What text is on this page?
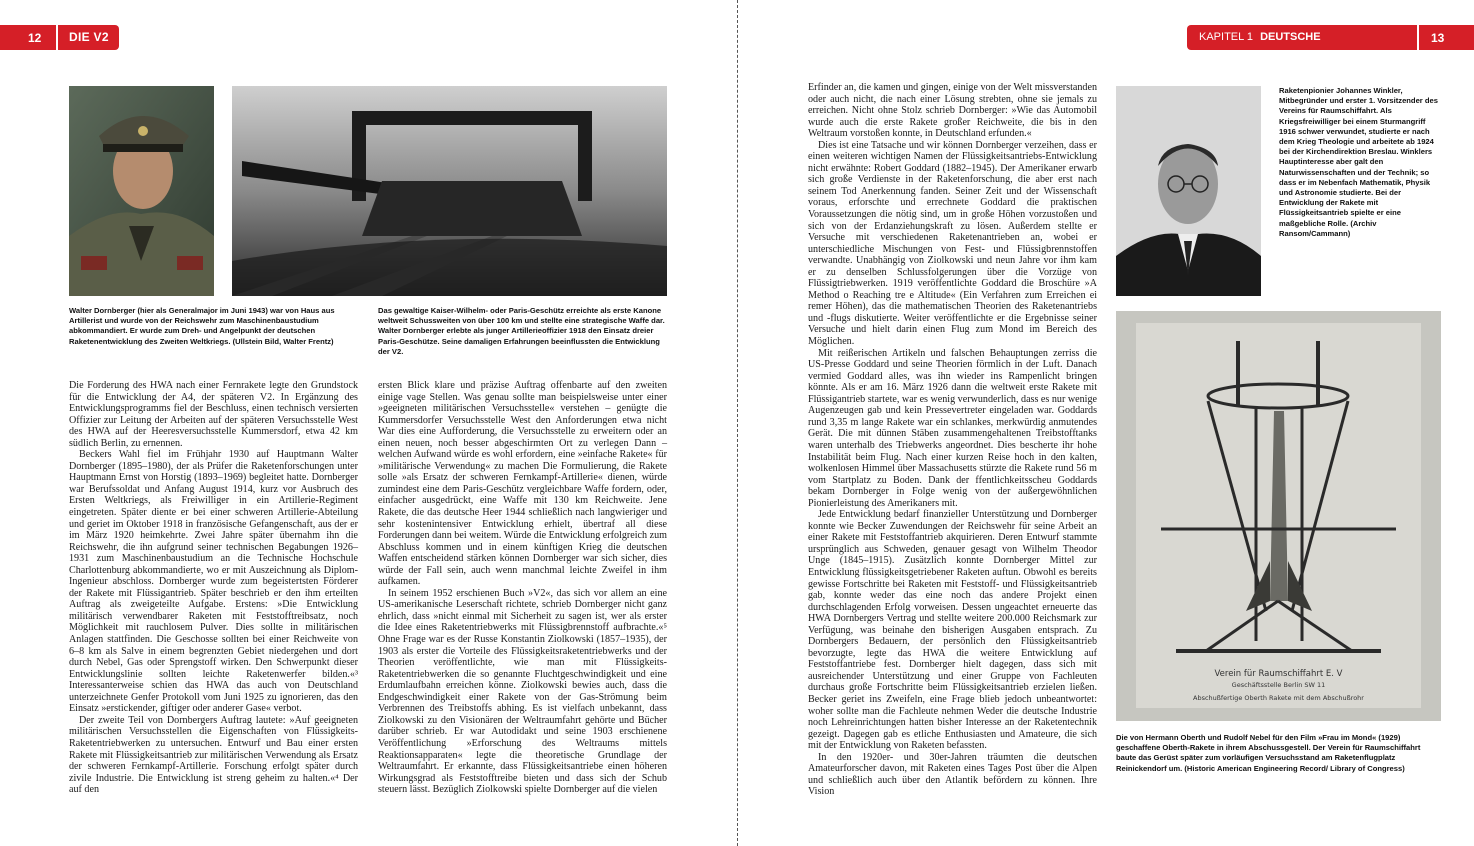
12	DIE V2	KAPITEL 1 DEUTSCHE RAKETENPIONIERE
13
Walter Dornberger (hier als Generalmajor im Juni 1943) war von Haus aus Artillerist und wurde von der Reichswehr zum Maschinenbaustudium abkommandiert. Er wurde zum Dreh- und Angelpunkt der deutschen Raketenentwicklung des Zweiten Weltkriegs. (Ullstein Bild, Walter Frentz)
Das gewaltige Kaiser-Wilhelm- oder Paris-Geschütz erreichte als erste Kanone weltweit Schussweiten von über 100 km und stellte eine strategische Waffe dar. Walter Dornberger erlebte als junger Artillerieoffizier 1918 den Einsatz dreier Paris-Geschütze. Seine damaligen Erfahrungen beeinflussten die Entwicklung der V2.

Die Forderung des HWA nach einer Fernrakete legte den Grundstock für die Entwicklung der A4, der späteren V2. In Ergänzung des Entwicklungsprogramms fiel der Beschluss, einen technisch versierten Offizier zur Leitung der Arbeiten auf der späteren Versuchsstelle West des HWA auf der Heeresversuchsstelle Kummersdorf, etwa 42 km südlich Berlin, zu ernennen.

Beckers Wahl fiel im Frühjahr 1930 auf Hauptmann Walter Dornberger (1895–1980), der als Prüfer die Raketenforschungen unter Hauptmann Ernst von Horstig (1893–1969) begleitet hatte. Dornberger war Berufssoldat und Anfang August 1914, kurz vor Ausbruch des Ersten Weltkriegs, als Freiwilliger in ein Artillerie-Regiment eingetreten. Später diente er bei einer schweren Artillerie-Abteilung und geriet im Oktober 1918 in französische Gefangenschaft, aus der er im März 1920 heimkehrte. Zwei Jahre später übernahm ihn die Reichswehr, die ihn aufgrund seiner technischen Begabungen 1926–1931 zum Maschinenbaustudium an die Technische Hochschule Charlottenburg abkommandierte, wo er mit Auszeichnung als Diplom-Ingenieur abschloss. Dornberger wurde zum begeistertsten Förderer der Rakete mit Flüssigantrieb. Später beschrieb er den ihm erteilten Auftrag als zweigeteilte Aufgabe. Erstens: »Die Entwicklung militärisch verwendbarer Raketen mit Feststofftreibsatz, noch Möglichkeit mit rauchlosem Pulver. Dies sollte in militärischen Anlagen stattfinden. Die Geschosse sollten bei einer Reichweite von 6–8 km als Salve in einem begrenzten Gebiet niedergehen und dort durch Nebel, Gas oder Sprengstoff wirken. Den Schwerpunkt dieser Entwicklungslinie sollten leichte Raketenwerfer bilden.«³ Interessanterweise schien das HWA das auch von Deutschland unterzeichnete Genfer Protokoll vom Juni 1925 zu ignorieren, das den Einsatz »erstickender, giftiger oder anderer Gase« verbot.

Der zweite Teil von Dornbergers Auftrag lautete: »Auf geeigneten militärischen Versuchsstellen die Eigenschaften von Flüssigkeits-Raketentriebwerken zu untersuchen. Entwurf und Bau einer ersten Rakete mit Flüssigkeitsantrieb zur militärischen Verwendung als Ersatz der schweren Fernkampf-Artillerie. Forschung erfolgt später durch zivile Industrie. Die Entwicklung ist streng geheim zu halten.«⁴ Der auf den

ersten Blick klare und präzise Auftrag offenbarte auf den zweiten einige vage Stellen. Was genau sollte man beispielsweise unter einer »geeigneten militärischen Versuchsstelle« verstehen – genügte die Kummersdorfer Versuchsstelle West den Anforderungen etwa nicht War dies eine Aufforderung, die Versuchsstelle zu erweitern oder an einen neuen, noch besser abgeschirmten Ort zu verlegen Dann – welchen Aufwand würde es wohl erfordern, eine »einfache Rakete« für »militärische Verwendung« zu machen Die Formulierung, die Rakete solle »als Ersatz der schweren Fernkampf-Artillerie« dienen, würde zumindest eine dem Paris-Geschütz vergleichbare Waffe fordern, oder, einfacher ausgedrückt, eine Waffe mit 130 km Reichweite. Jene Rakete, die das deutsche Heer 1944 schließlich nach langwieriger und sehr kostenintensiver Entwicklung erhielt, übertraf all diese Forderungen dann bei weitem. Würde die Entwicklung erfolgreich zum Abschluss kommen und in einem künftigen Krieg die deutschen Waffen entscheidend stärken können Dornberger war sich sicher, dies würde der Fall sein, auch wenn manchmal leichte Zweifel in ihm aufkamen.

In seinem 1952 erschienen Buch »V2«, das sich vor allem an eine US-amerikanische Leserschaft richtete, schrieb Dornberger nicht ganz ehrlich, dass »nicht einmal mit Sicherheit zu sagen ist, wer als erster die Idee eines Raketentriebwerks mit Flüssigbrennstoff aufbrachte.«⁵ Ohne Frage war es der Russe Konstantin Ziolkowski (1857–1935), der 1903 als erster die Vorteile des Flüssigkeitsraketentriebwerks und der Theorien veröffentlichte, wie man mit Flüssigkeits-Raketentriebwerken die so genannte Fluchtgeschwindigkeit und eine Erdumlaufbahn erreichen könne. Ziolkowski bewies auch, dass die Endgeschwindigkeit einer Rakete von der Gas-Strömung beim Verbrennen des Treibstoffs abhing. Es ist vielfach unbekannt, dass Ziolkowski zu den Visionären der Weltraumfahrt gehörte und Bücher darüber schrieb. Er war Autodidakt und seine 1903 erschienene Veröffentlichung »Erforschung des Weltraums mittels Reaktionsapparaten« legte die theoretische Grundlage der Weltraumfahrt. Er erkannte, dass Flüssigkeitsantriebe einen höheren Wirkungsgrad als Feststofftreibe bieten und dass sich der Schub steuern lässt. Bezüglich Ziolkowski spielte Dornberger auf die vielen

Erfinder an, die kamen und gingen, einige von der Welt missverstanden oder auch nicht, die nach einer Lösung strebten, ohne sie jemals zu erreichen. Nicht ohne Stolz schrieb Dornberger: »Wie das Automobil wurde auch die erste Rakete großer Reichweite, die bis in den Weltraum vorstoßen konnte, in Deutschland erfunden.«

Dies ist eine Tatsache und wir können Dornberger verzeihen, dass er einen weiteren wichtigen Namen der Flüssigkeitsantriebs-Entwicklung nicht erwähnte: Robert Goddard (1882–1945). Der Amerikaner erwarb sich große Verdienste in der Raketenforschung, die aber erst nach seinem Tod Anerkennung fanden. Seiner Zeit und der Wissenschaft voraus, erforschte und errechnete Goddard die praktischen Voraussetzungen die nötig sind, um in große Höhen vorzustoßen und sich von der Erdanziehungskraft zu lösen. Außerdem stellte er Versuche mit verschiedenen Raketenantrieben an, wobei er unterschiedliche Mischungen von Fest- und Flüssigbrennstoffen verwandte. Unabhängig von Ziolkowski und neun Jahre vor ihm kam er zu denselben Schlussfolgerungen über die Vorzüge von Flüssigtriebwerken. 1919 veröffentlichte Goddard die Broschüre »A Method o Reaching tre e Altitude« (Ein Verfahren zum Erreichen ei remer Höhen), das die mathematischen Theorien des Raketenantriebs und -flugs diskutierte. Weiter veröffentlichte er die Ergebnisse seiner Versuche und hielt darin einen Flug zum Mond im Bereich des Möglichen.

Mit reißerischen Artikeln und falschen Behauptungen zerriss die US-Presse Goddard und seine Theorien förmlich in der Luft. Danach vermied Goddard alles, was ihn wieder ins Rampenlicht bringen könnte. Als er am 16. März 1926 dann die weltweit erste Rakete mit Flüssigantrieb startete, war es wenig verwunderlich, dass es nur wenige Augenzeugen gab und kein Pressevertreter eingeladen war. Goddards rund 3,35 m lange Rakete war ein schlankes, merkwürdig anmutendes Gerät. Die mit dünnen Stäben zusammengehaltenen Treibstofftanks waren unterhalb des Triebwerks angeordnet. Dies bescherte ihr hohe Instabilität beim Flug. Nach einer kurzen Reise hoch in den kalten, wolkenlosen Himmel über Massachusetts stürzte die Rakete rund 56 m vom Startplatz zu Boden. Dank der ffentlichkeitsscheu Goddards bekam Dornberger in Folge wenig von der außergewöhnlichen Pionierleistung des Amerikaners mit.

Jede Entwicklung bedarf finanzieller Unterstützung und Dornberger konnte wie Becker Zuwendungen der Reichswehr für seine Arbeit an einer Rakete mit Feststoffantrieb akquirieren. Deren Entwurf stammte ursprünglich aus Schweden, genauer gesagt von Wilhelm Theodor Unge (1845–1915). Zusätzlich konnte Dornberger Mittel zur Entwicklung flüssigkeitsgetriebener Raketen auftun. Obwohl es bereits gewisse Fortschritte bei Raketen mit Feststoff- und Flüssigkeitsantrieb gab, konnte weder das eine noch das andere Projekt einen durchschlagenden Erfolg vorweisen. Dessen ungeachtet erneuerte das HWA Dornbergers Vertrag und stellte weitere 200.000 Reichsmark zur Verfügung, was beinahe den bisherigen Ausgaben entsprach. Zu Dornbergers Bedauern, der persönlich den Flüssigkeitsantrieb bevorzugte, legte das HWA die weitere Entwicklung auf Feststoffantriebe fest. Dornberger hielt dagegen, dass sich mit ausreichender Unterstützung und einer Gruppe von Fachleuten durchaus große Fortschritte beim Flüssigkeitsantrieb erzielen ließen. Becker geriet ins Zweifeln, eine Frage blieb jedoch unbeantwortet: woher sollte man die Fachleute nehmen Weder die deutsche Industrie noch Lehreinrichtungen hatten bisher Interesse an der Raketentechnik gezeigt. Dagegen gab es etliche Enthusiasten und Amateure, die sich mit der Entwicklung von Raketen befassten.

In den 1920er- und 30er-Jahren träumten die deutschen Amateurforscher davon, mit Raketen eines Tages Post über die Alpen und schließlich auch über den Atlantik befördern zu können. Ihre Vision

Raketenpionier Johannes Winkler, Mitbegründer und erster 1. Vorsitzender des Vereins für Raumschiffahrt. Als Kriegsfreiwilliger bei einem Sturmangriff 1916 schwer verwundet, studierte er nach dem Krieg Theologie und arbeitete ab 1924 bei der Kirchendirektion Breslau. Winklers Hauptinteresse aber galt den Naturwissenschaften und der Technik; so dass er im Nebenfach Mathematik, Physik und Astronomie studierte. Bei der Entwicklung der Rakete mit Flüssigkeitsantrieb spielte er eine maßgebliche Rolle. (Archiv Ransom/Cammann)
Verein für Raumschiffahrt E. V
Geschäftsstelle Berlin SW 11
Abschußfertige Oberth Rakete mit dem Abschußrohr
Die von Hermann Oberth und Rudolf Nebel für den Film »Frau im Mond« (1929) geschaffene Oberth-Rakete in ihrem Abschussgestell. Der Verein für Raumschiffahrt baute das Gerüst später zum vorläufigen Versuchsstand am Raketenflugplatz Reinickendorf um. (Historic American Engineering Record/ Library of Congress)
